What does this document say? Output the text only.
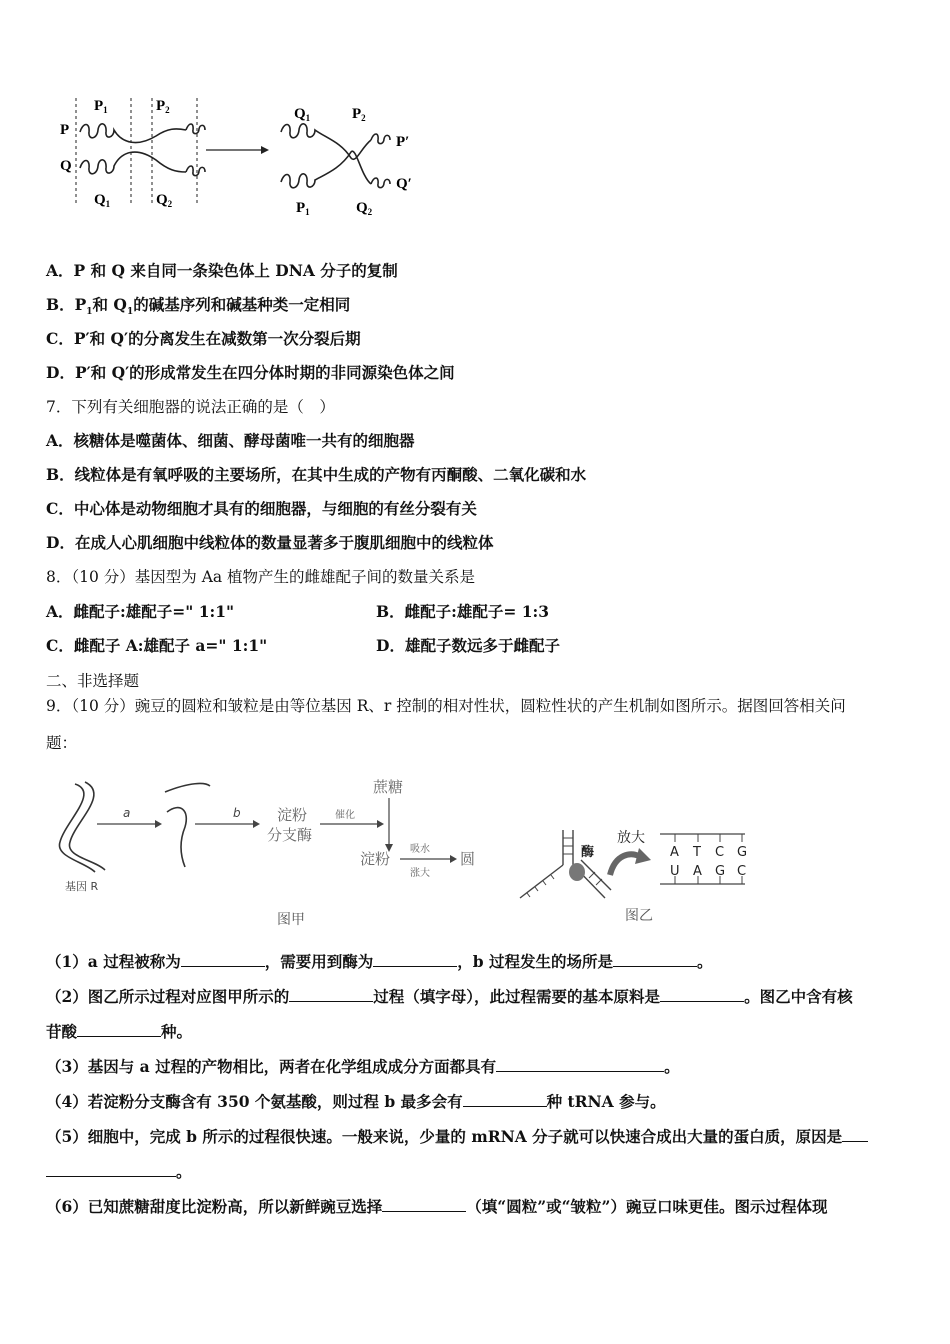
P
Q
$P_1$	$P_2$
$Q_1$	$Q_2$
$Q_1$	$P_2$
$P_1$	$Q_2$
P′
Q′
A．P 和 Q 来自同一条染色体上 DNA 分子的复制
B．$P_1$和 $Q_1$的碱基序列和碱基种类一定相同
C．P′和 Q′的分离发生在减数第一次分裂后期
D．P′和 Q′的形成常发生在四分体时期的非同源染色体之间
7．下列有关细胞器的说法正确的是（　）
A．核糖体是噬菌体、细菌、酵母菌唯一共有的细胞器
B．线粒体是有氧呼吸的主要场所，在其中生成的产物有丙酮酸、二氧化碳和水
C．中心体是动物细胞才具有的细胞器，与细胞的有丝分裂有关
D．在成人心肌细胞中线粒体的数量显著多于腹肌细胞中的线粒体
8．（10 分）基因型为 Aa 植物产生的雌雄配子间的数量关系是
A．雌配子:雄配子=" 1:1"	B．雌配子:雄配子= 1:3
C．雌配子 A:雄配子 a=" 1:1"	D．雄配子数远多于雌配子
二、非选择题
9．（10 分）豌豆的圆粒和皱粒是由等位基因 R、r 控制的相对性状，圆粒性状的产生机制如图所示。据图回答相关问
题：
基因 R
a	b 淀粉
分支酶
催化
蔗糖
淀粉
吸水
涨大
圆
图甲
酶
放大
A T C G
U A G C
图乙
（1）a 过程被称为	，需要用到酶为	，b 过程发生的场所是	。
（2）图乙所示过程对应图甲所示的	过程（填字母），此过程需要的基本原料是	。图乙中含有核
苷酸	种。
（3）基因与 a 过程的产物相比，两者在化学组成成分方面都具有	。
（4）若淀粉分支酶含有 350 个氨基酸，则过程 b 最多会有	种 tRNA 参与。
（5）细胞中，完成 b 所示的过程很快速。一般来说，少量的 mRNA 分子就可以快速合成出大量的蛋白质，原因是
。
（6）已知蔗糖甜度比淀粉高，所以新鲜豌豆选择	（填“圆粒”或“皱粒”）豌豆口味更佳。图示过程体现
